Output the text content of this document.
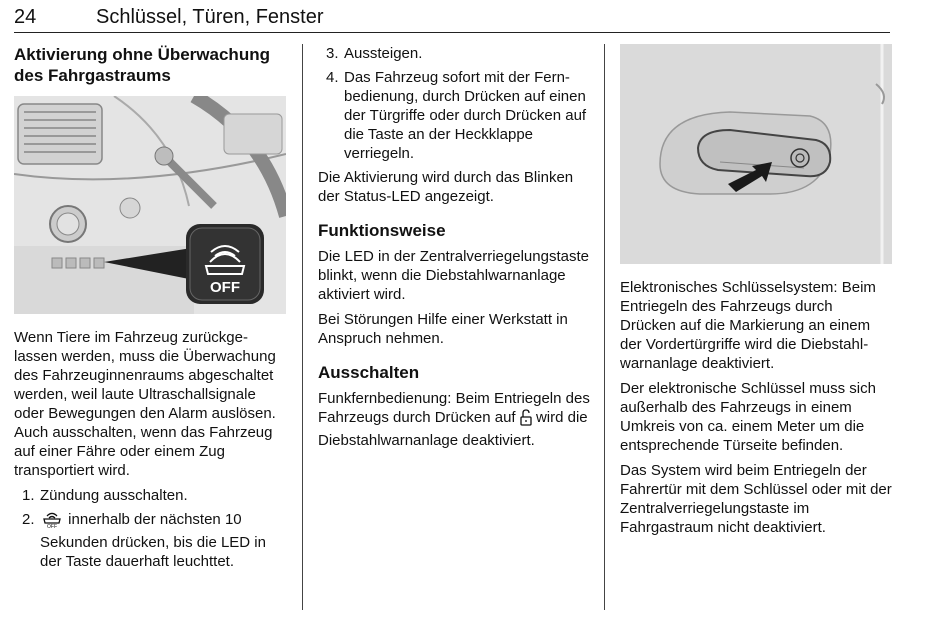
24	Schlüssel, Türen, Fenster
Aktivierung ohne Überwachung
des Fahrgastraums
OFF

Wenn Tiere im Fahrzeug zurückgelassen werden, muss die Überwachung des Fahrzeuginnenraums abgeschaltet werden, weil laute Ultraschallsignale oder Bewegungen den Alarm auslösen. Auch ausschalten, wenn das Fahrzeug auf einer Fähre oder einem Zug transportiert wird.

1. Zündung ausschalten.
2. OFF innerhalb der nächsten 10 Sekunden drücken, bis die LED in der Taste dauerhaft leuchttet.
3. Aussteigen.
4. Das Fahrzeug sofort mit der Fernbedienung, durch Drücken auf einen der Türgriffe oder durch Drücken auf die Taste an der Heckklappe verriegeln.

Die Aktivierung wird durch das Blinken der Status-LED angezeigt.

Funktionsweise

Die LED in der Zentralverriegelungstaste blinkt, wenn die Diebstahlwarnanlage aktiviert wird.

Bei Störungen Hilfe einer Werkstatt in Anspruch nehmen.

Ausschalten

Funkfernbedienung: Beim Entriegeln des Fahrzeugs durch Drücken auf wird die Diebstahlwarnanlage deaktiviert.

Elektronisches Schlüsselsystem: Beim Entriegeln des Fahrzeugs durch Drücken auf die Markierung an einem der Vordertürgriffe wird die Diebstahlwarnanlage deaktiviert.

Der elektronische Schlüssel muss sich außerhalb des Fahrzeugs in einem Umkreis von ca. einem Meter um die entsprechende Türseite befinden.

Das System wird beim Entriegeln der Fahrertür mit dem Schlüssel oder mit der Zentralverriegelungstaste im Fahrgastraum nicht deaktiviert.
